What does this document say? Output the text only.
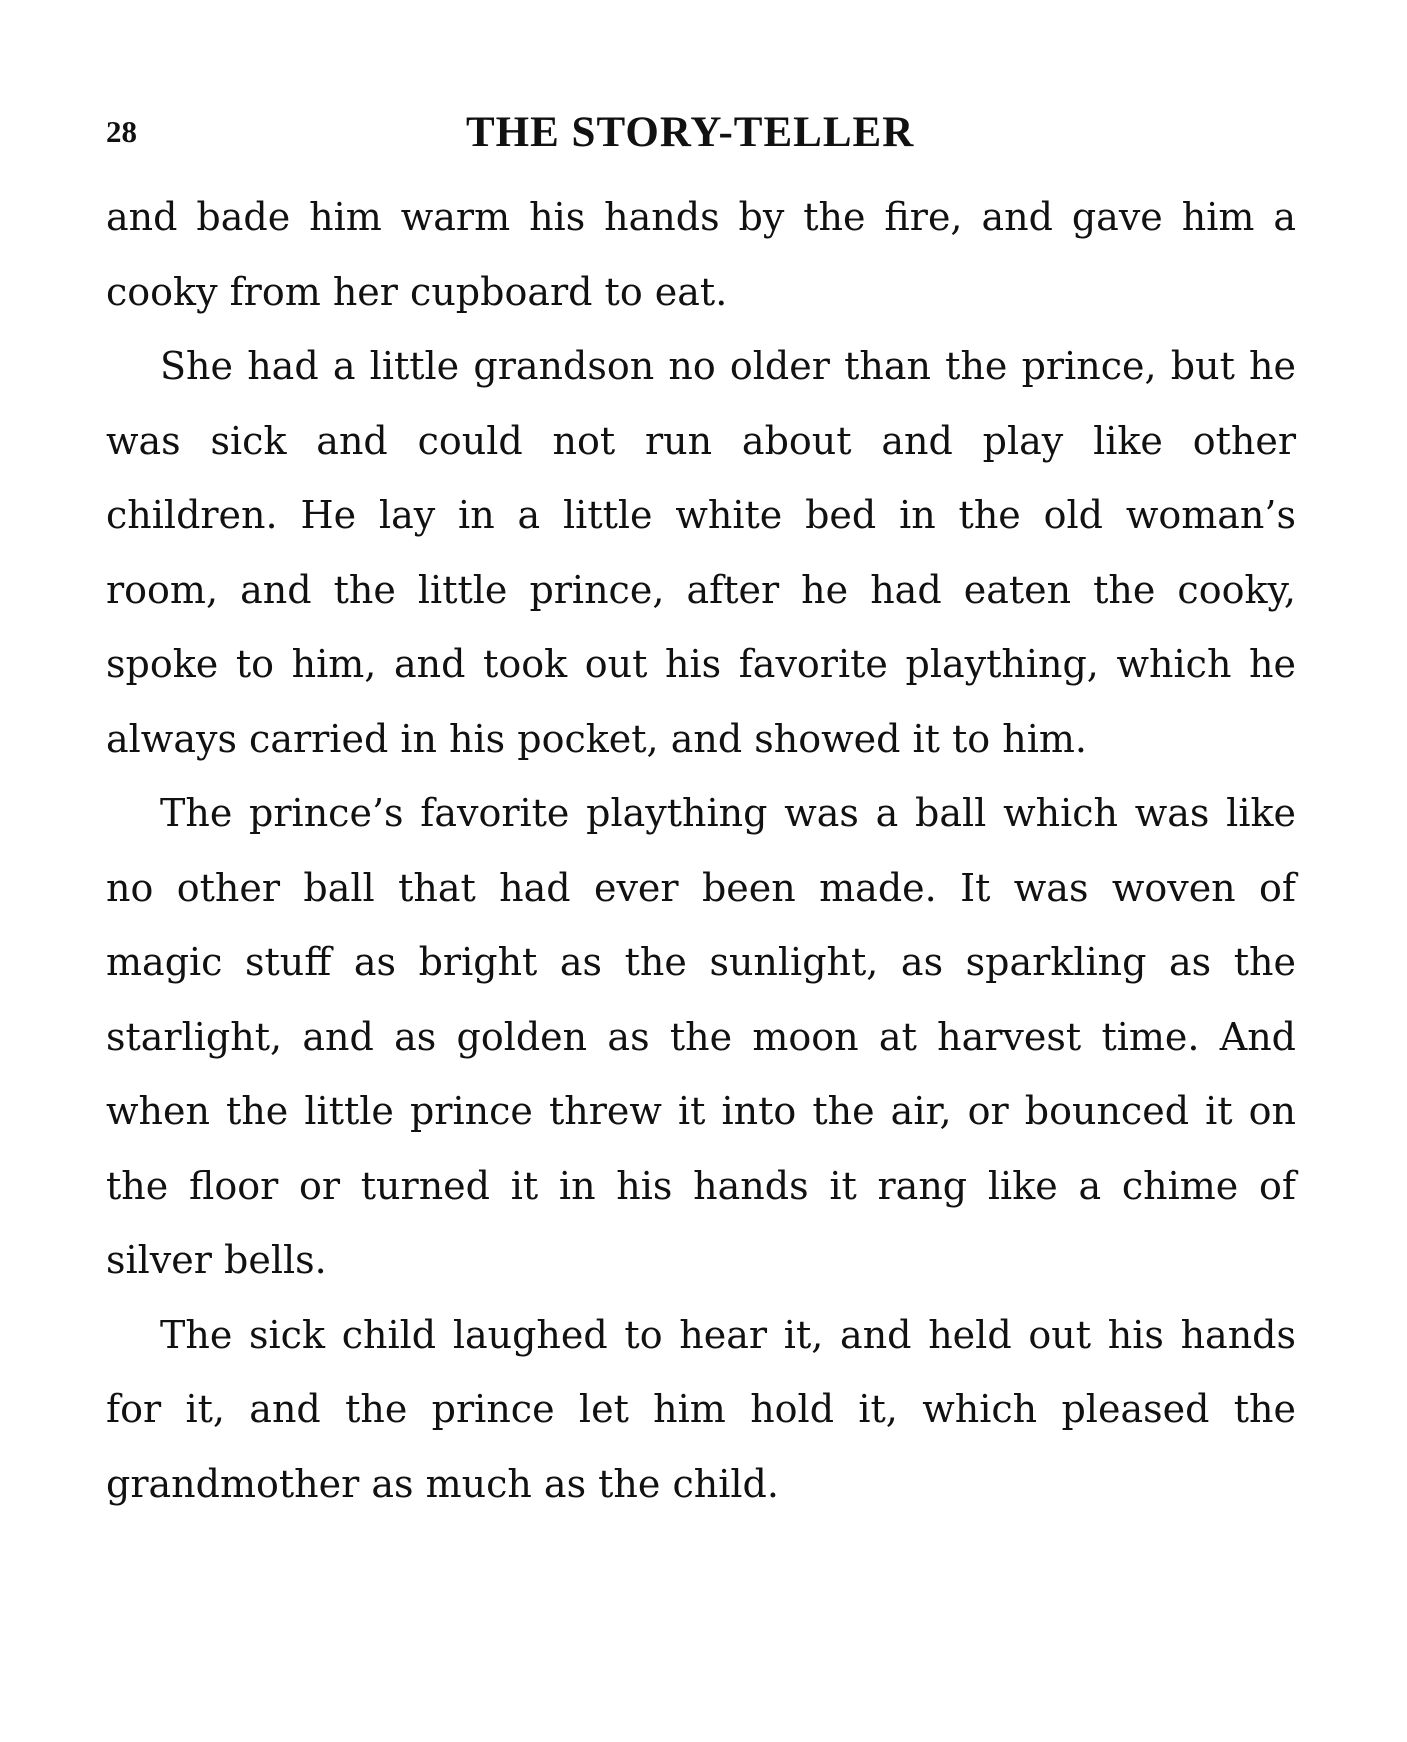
28	THE STORY-TELLER

and bade him warm his hands by the fire, and gave him a cooky from her cupboard to eat.

She had a little grandson no older than the prince, but he was sick and could not run about and play like other children. He lay in a little white bed in the old woman’s room, and the little prince, after he had eaten the cooky, spoke to him, and took out his favorite plaything, which he always carried in his pocket, and showed it to him.

The prince’s favorite plaything was a ball which was like no other ball that had ever been made. It was woven of magic stuff as bright as the sunlight, as sparkling as the starlight, and as golden as the moon at harvest time. And when the little prince threw it into the air, or bounced it on the floor or turned it in his hands it rang like a chime of silver bells.

The sick child laughed to hear it, and held out his hands for it, and the prince let him hold it, which pleased the grandmother as much as the child.
